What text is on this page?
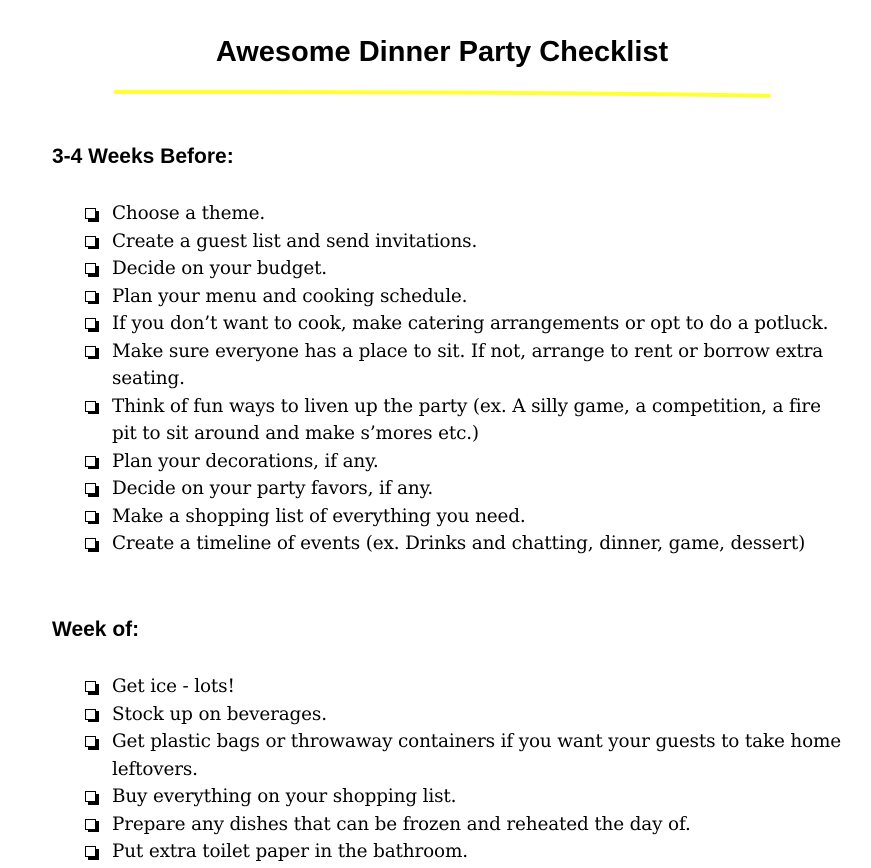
Awesome Dinner Party Checklist
3-4 Weeks Before:
Choose a theme.
Create a guest list and send invitations.
Decide on your budget.
Plan your menu and cooking schedule.
If you don’t want to cook, make catering arrangements or opt to do a potluck.
Make sure everyone has a place to sit. If not, arrange to rent or borrow extra seating.
Think of fun ways to liven up the party (ex. A silly game, a competition, a fire pit to sit around and make s’mores etc.)
Plan your decorations, if any.
Decide on your party favors, if any.
Make a shopping list of everything you need.
Create a timeline of events (ex. Drinks and chatting, dinner, game, dessert)
Week of:
Get ice - lots!
Stock up on beverages.
Get plastic bags or throwaway containers if you want your guests to take home leftovers.
Buy everything on your shopping list.
Prepare any dishes that can be frozen and reheated the day of.
Put extra toilet paper in the bathroom.
